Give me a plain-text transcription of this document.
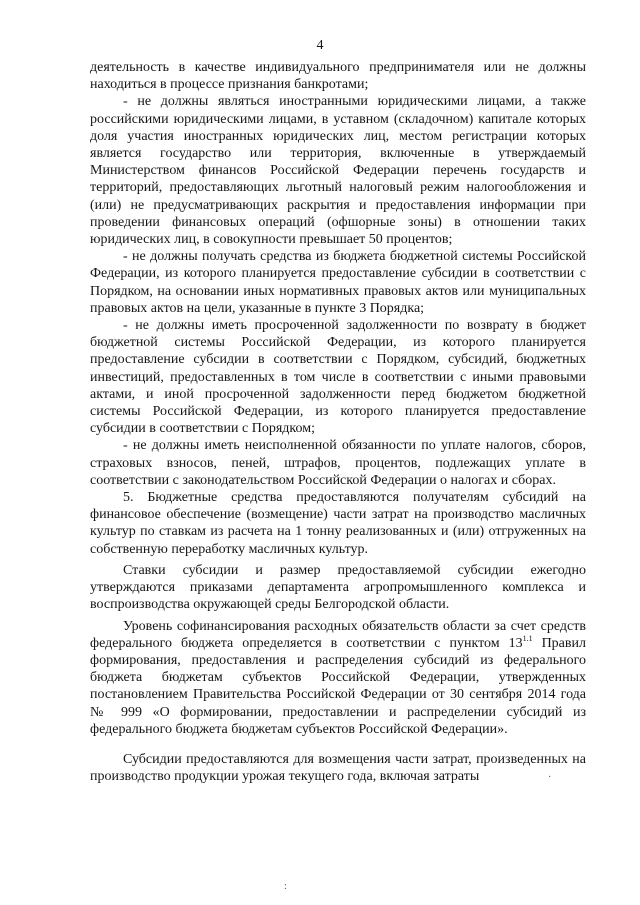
4

деятельность в качестве индивидуального предпринимателя или не должны находиться в процессе признания банкротами;

- не должны являться иностранными юридическими лицами, а также российскими юридическими лицами, в уставном (складочном) капитале которых доля участия иностранных юридических лиц, местом регистрации которых является государство или территория, включенные в утверждаемый Министерством финансов Российской Федерации перечень государств и территорий, предоставляющих льготный налоговый режим налогообложения и (или) не предусматривающих раскрытия и предоставления информации при проведении финансовых операций (офшорные зоны) в отношении таких юридических лиц, в совокупности превышает 50 процентов;

- не должны получать средства из бюджета бюджетной системы Российской Федерации, из которого планируется предоставление субсидии в соответствии с Порядком, на основании иных нормативных правовых актов или муниципальных правовых актов на цели, указанные в пункте 3 Порядка;

- не должны иметь просроченной задолженности по возврату в бюджет бюджетной системы Российской Федерации, из которого планируется предоставление субсидии в соответствии с Порядком, субсидий, бюджетных инвестиций, предоставленных в том числе в соответствии с иными правовыми актами, и иной просроченной задолженности перед бюджетом бюджетной системы Российской Федерации, из которого планируется предоставление субсидии в соответствии с Порядком;

- не должны иметь неисполненной обязанности по уплате налогов, сборов, страховых взносов, пеней, штрафов, процентов, подлежащих уплате в соответствии с законодательством Российской Федерации о налогах и сборах.

5. Бюджетные средства предоставляются получателям субсидий на финансовое обеспечение (возмещение) части затрат на производство масличных культур по ставкам из расчета на 1 тонну реализованных и (или) отгруженных на собственную переработку масличных культур.

Ставки субсидии и размер предоставляемой субсидии ежегодно утверждаются приказами департамента агропромышленного комплекса и воспроизводства окружающей среды Белгородской области.

Уровень софинансирования расходных обязательств области за счет средств федерального бюджета определяется в соответствии с пунктом $13^{1.1}$ Правил формирования, предоставления и распределения субсидий из федерального бюджета бюджетам субъектов Российской Федерации, утвержденных постановлением Правительства Российской Федерации от 30 сентября 2014 года № 999 «О формировании, предоставлении и распределении субсидий из федерального бюджета бюджетам субъектов Российской Федерации».

Субсидии предоставляются для возмещения части затрат, произведенных на производство продукции урожая текущего года, включая затраты	·
:
